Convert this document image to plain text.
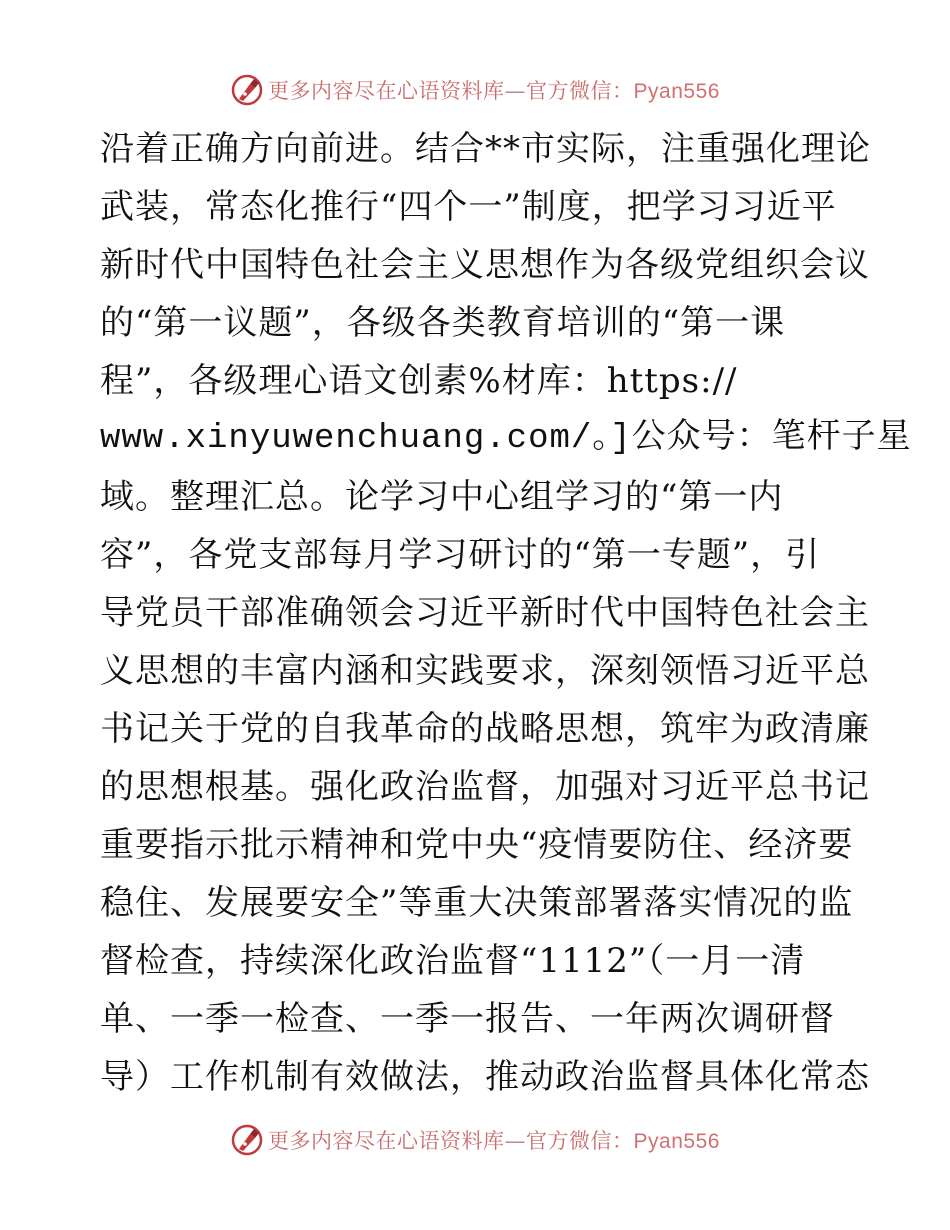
更多内容尽在心语资料库—官方微信：Pyan556
沿着正确方向前进。结合**市实际，注重强化理论
武装，常态化推行“四个一”制度，把学习习近平
新时代中国特色社会主义思想作为各级党组织会议
的“第一议题”，各级各类教育培训的“第一课
程”，各级理心语文创素%材库：https://
www.xinyuwenchuang.com/。]公众号：笔杆子星
域。整理汇总。论学习中心组学习的“第一内
容”，各党支部每月学习研讨的“第一专题”，引
导党员干部准确领会习近平新时代中国特色社会主
义思想的丰富内涵和实践要求，深刻领悟习近平总
书记关于党的自我革命的战略思想，筑牢为政清廉
的思想根基。强化政治监督，加强对习近平总书记
重要指示批示精神和党中央“疫情要防住、经济要
稳住、发展要安全”等重大决策部署落实情况的监
督检查，持续深化政治监督“1112”（一月一清
单、一季一检查、一季一报告、一年两次调研督
导）工作机制有效做法，推动政治监督具体化常态
更多内容尽在心语资料库—官方微信：Pyan556
